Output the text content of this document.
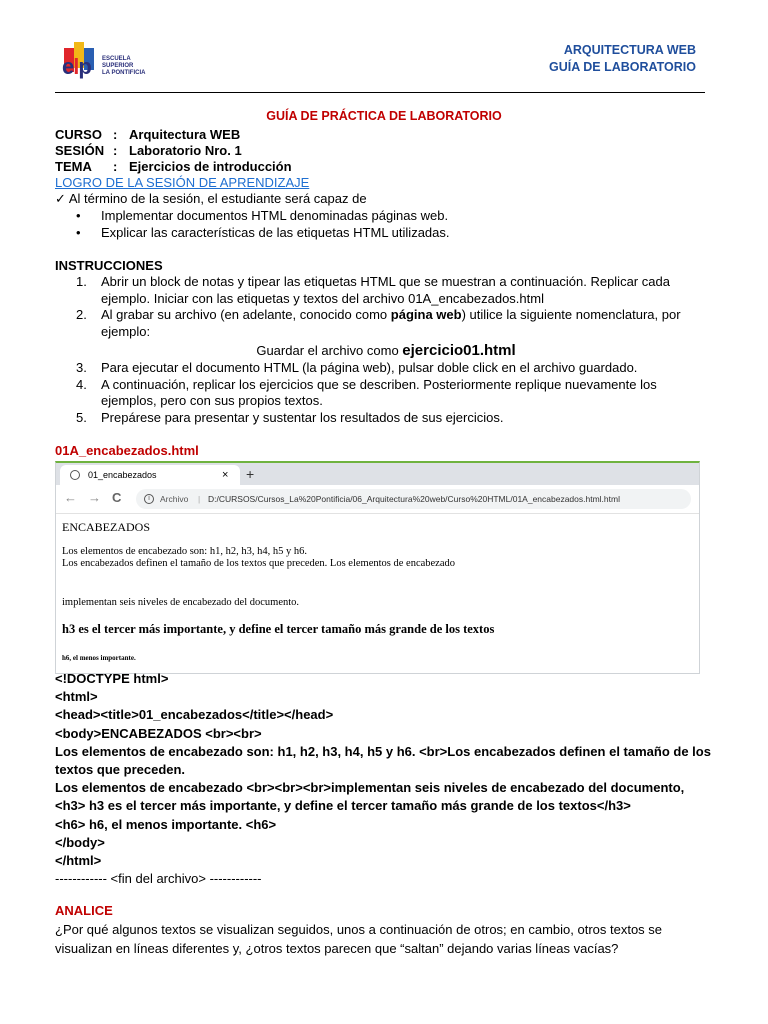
elp ESCUELA
SUPERIOR
LA PONTIFICIA
ARQUITECTURA WEB
GUÍA DE LABORATORIO
GUÍA DE PRÁCTICA DE LABORATORIO
CURSO : Arquitectura WEB
SESIÓN : Laboratorio Nro. 1
TEMA : Ejercicios de introducción
LOGRO DE LA SESIÓN DE APRENDIZAJE
✓ Al término de la sesión, el estudiante será capaz de
• Implementar documentos HTML denominadas páginas web.
• Explicar las características de las etiquetas HTML utilizadas.
INSTRUCCIONES
1. Abrir un block de notas y tipear las etiquetas HTML que se muestran a continuación. Replicar cada ejemplo. Iniciar con las etiquetas y textos del archivo 01A_encabezados.html
2. Al grabar su archivo (en adelante, conocido como página web) utilice la siguiente nomenclatura, por ejemplo:
Guardar el archivo como ejercicio01.html
3. Para ejecutar el documento HTML (la página web), pulsar doble click en el archivo guardado.
4. A continuación, replicar los ejercicios que se describen. Posteriormente replique nuevamente los ejemplos, pero con sus propios textos.
5. Prepárese para presentar y sustentar los resultados de sus ejercicios.
01A_encabezados.html
01_encabezados	× +
← → C	i	Archivo | D:/CURSOS/Cursos_La%20Pontificia/06_Arquitectura%20web/Curso%20HTML/01A_encabezados.html.html
ENCABEZADOS
Los elementos de encabezado son: h1, h2, h3, h4, h5 y h6.
Los encabezados definen el tamaño de los textos que preceden. Los elementos de encabezado
implementan seis niveles de encabezado del documento.
h3 es el tercer más importante, y define el tercer tamaño más grande de los textos
h6, el menos importante.
<!DOCTYPE html>
<html>
<head><title>01_encabezados</title></head>
<body>ENCABEZADOS <br><br>
Los elementos de encabezado son: h1, h2, h3, h4, h5 y h6. <br>Los encabezados definen el tamaño de los textos que preceden.
Los elementos de encabezado <br><br><br>implementan seis niveles de encabezado del documento,
<h3> h3 es el tercer más importante, y define el tercer tamaño más grande de los textos</h3>
<h6> h6, el menos importante. <h6>
</body>
</html>
------------ <fin del archivo> ------------
ANALICE
¿Por qué algunos textos se visualizan seguidos, unos a continuación de otros; en cambio, otros textos se visualizan en líneas diferentes y, ¿otros textos parecen que “saltan” dejando varias líneas vacías?
